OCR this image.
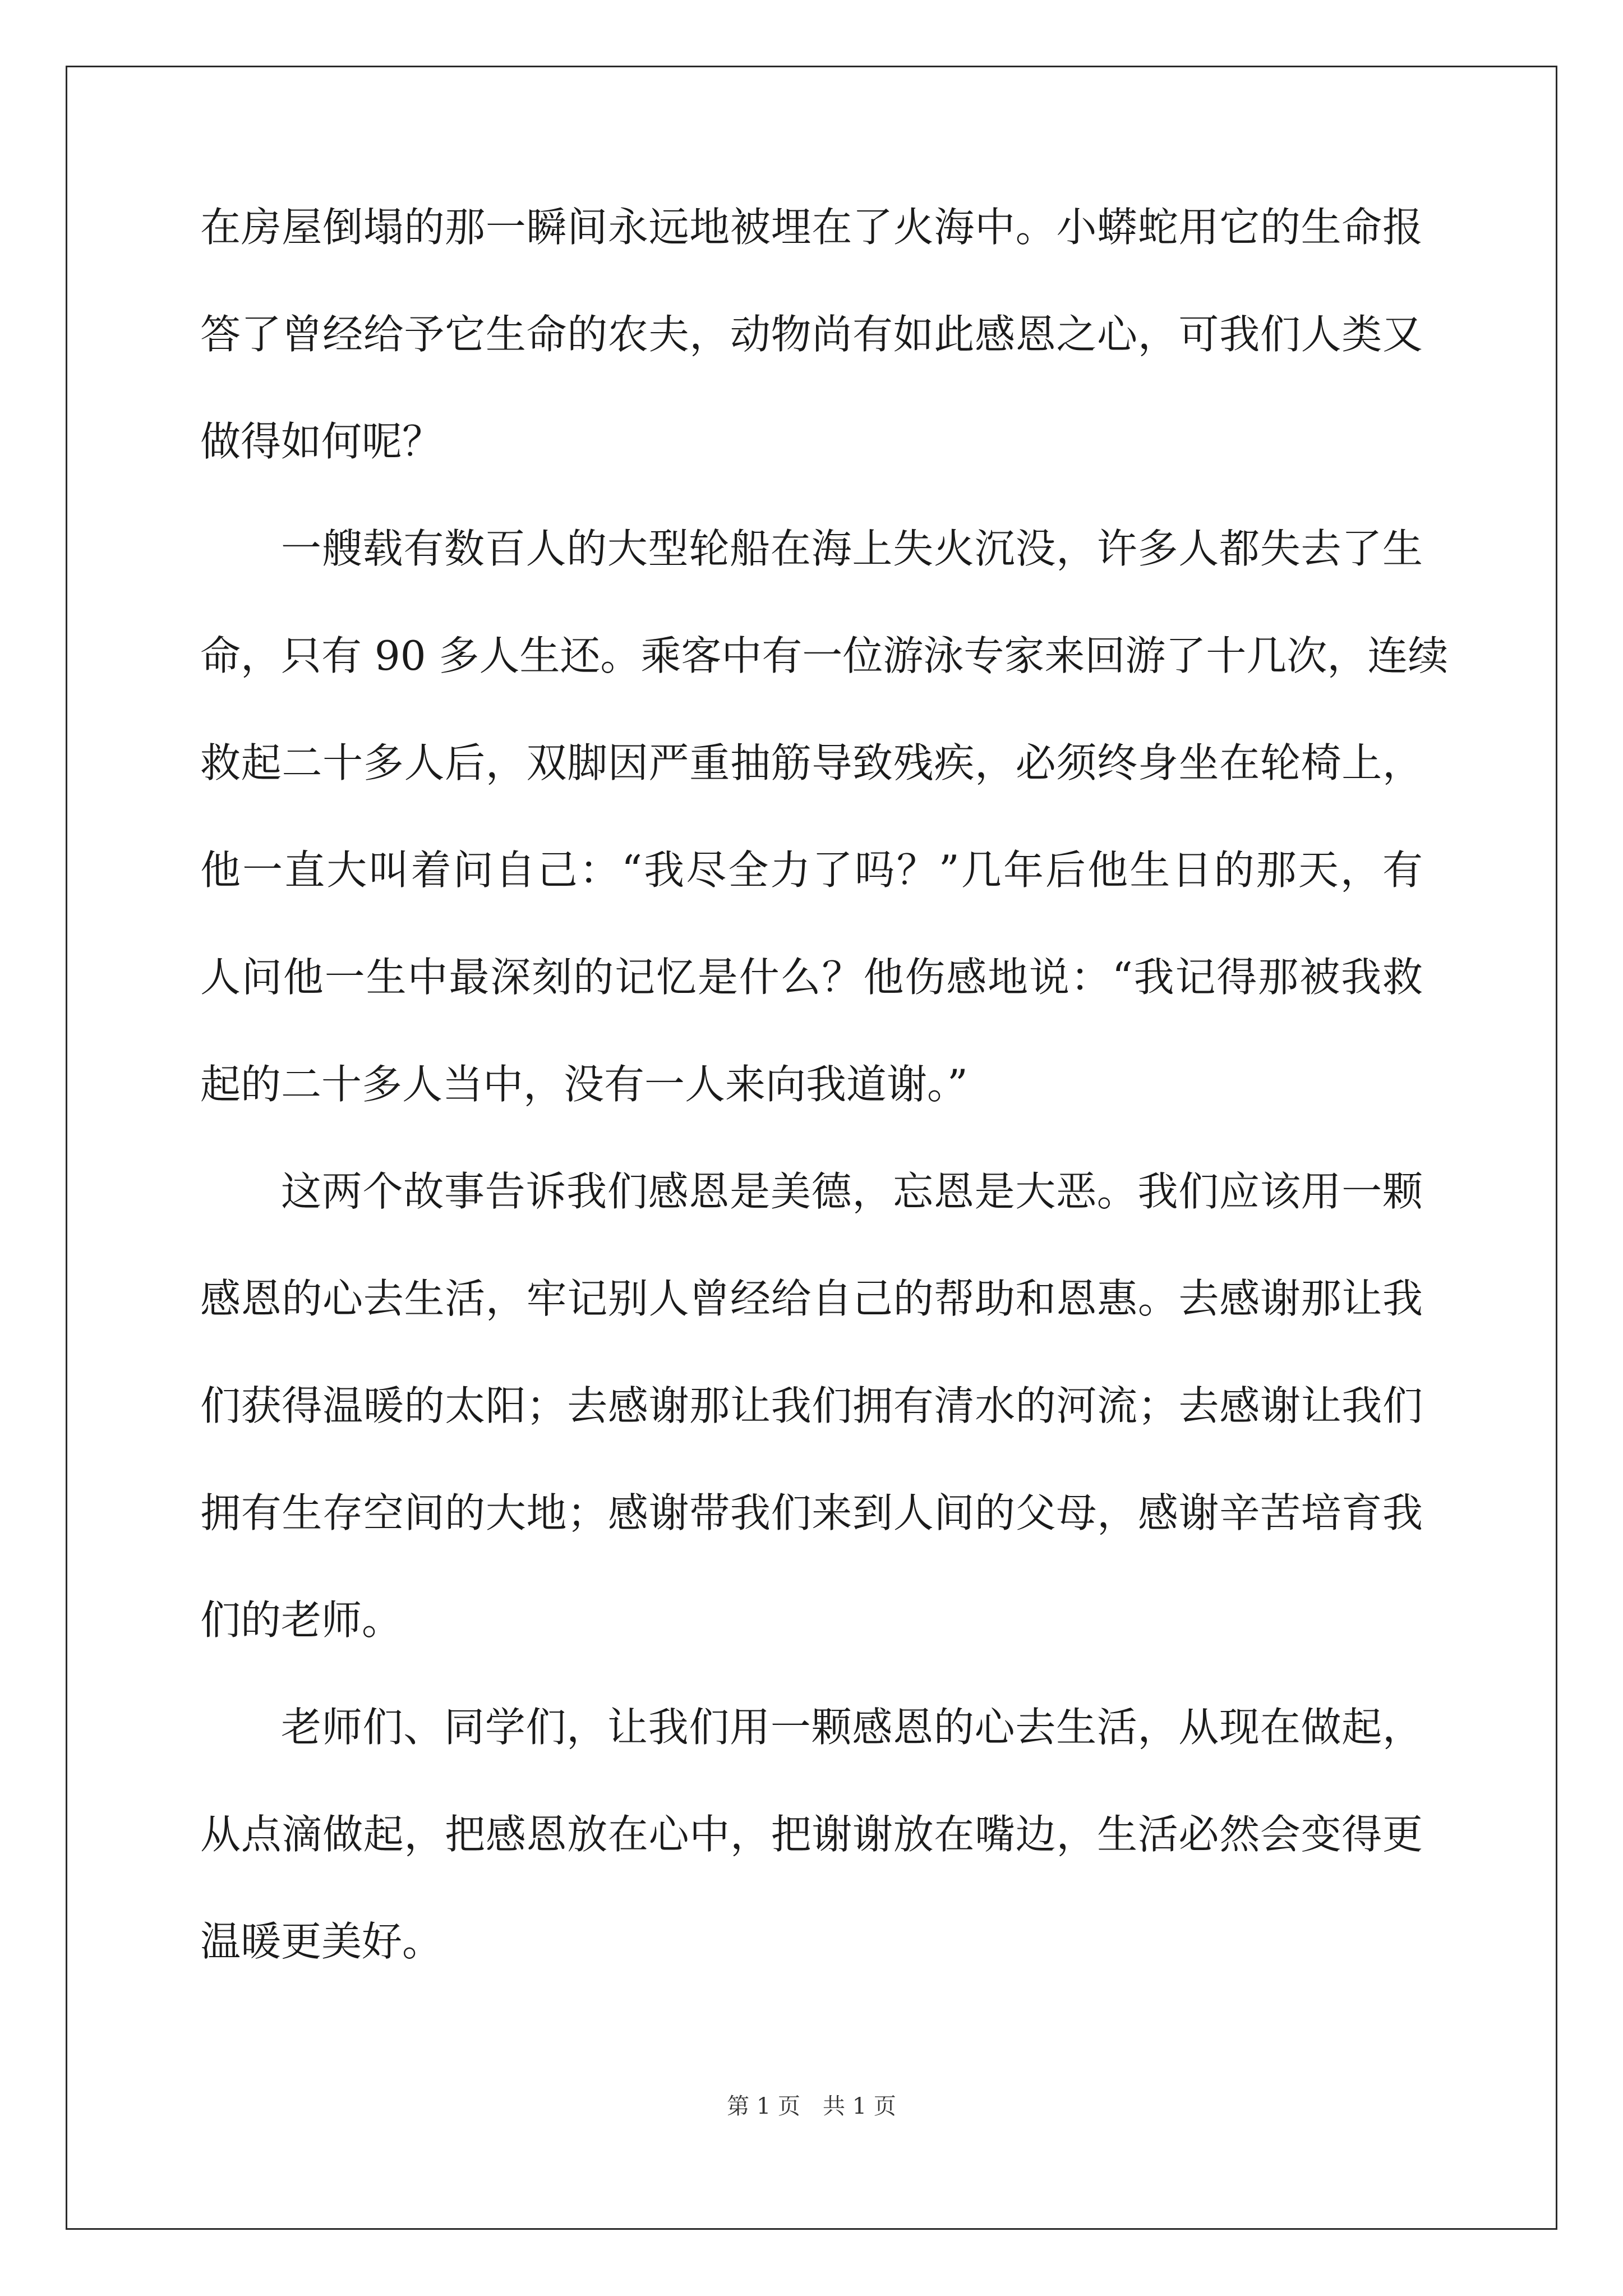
在房屋倒塌的那一瞬间永远地被埋在了火海中。小蟒蛇用它的生命报
答了曾经给予它生命的农夫，动物尚有如此感恩之心，可我们人类又
做得如何呢？
一艘载有数百人的大型轮船在海上失火沉没，许多人都失去了生
命，只有 90 多人生还。乘客中有一位游泳专家来回游了十几次，连续
救起二十多人后，双脚因严重抽筋导致残疾，必须终身坐在轮椅上，
他一直大叫着问自己：“我尽全力了吗？”几年后他生日的那天，有
人问他一生中最深刻的记忆是什么？他伤感地说：“我记得那被我救
起的二十多人当中，没有一人来向我道谢。”
这两个故事告诉我们感恩是美德，忘恩是大恶。我们应该用一颗
感恩的心去生活，牢记别人曾经给自己的帮助和恩惠。去感谢那让我
们获得温暖的太阳；去感谢那让我们拥有清水的河流；去感谢让我们
拥有生存空间的大地；感谢带我们来到人间的父母，感谢辛苦培育我
们的老师。
老师们、同学们，让我们用一颗感恩的心去生活，从现在做起，
从点滴做起，把感恩放在心中，把谢谢放在嘴边，生活必然会变得更
温暖更美好。
第 1 页　共 1 页
